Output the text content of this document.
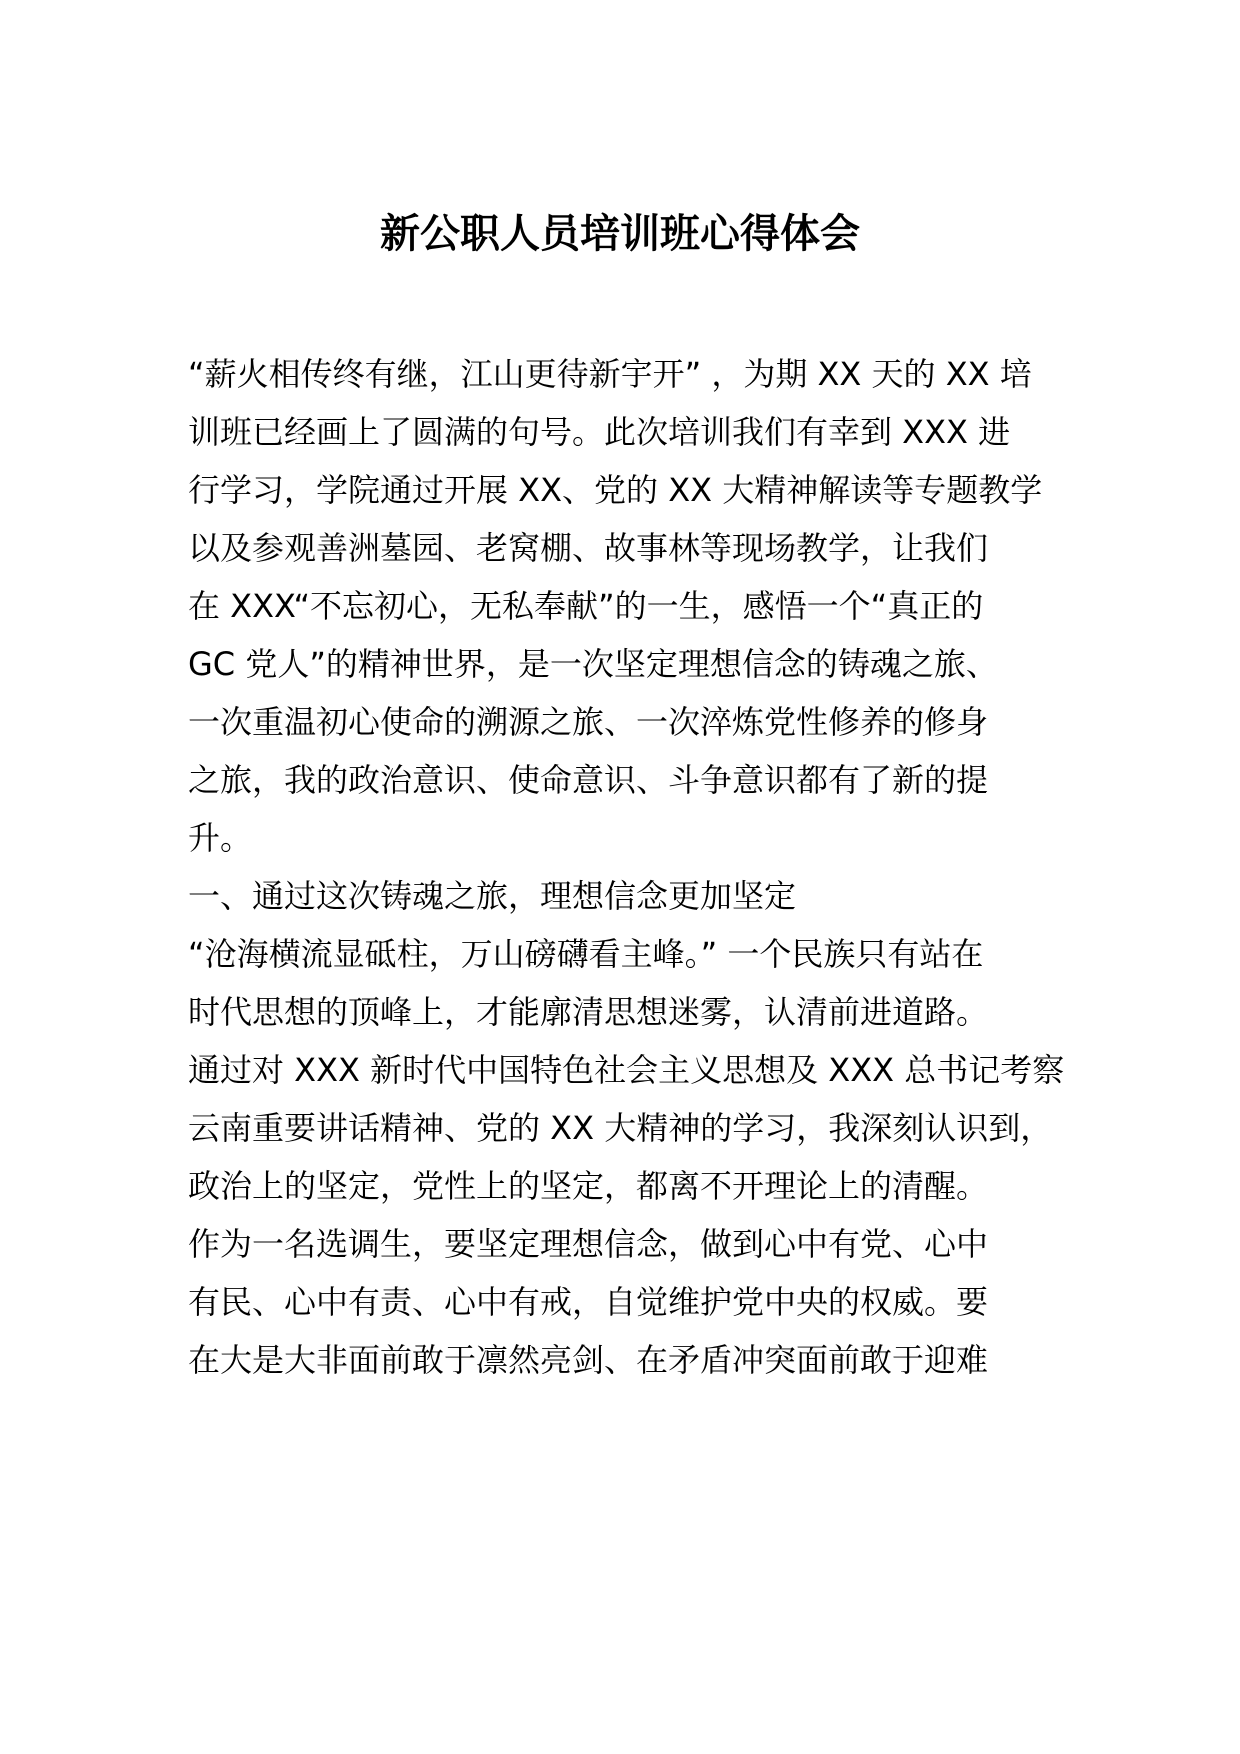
新公职人员培训班心得体会

“薪火相传终有继，江山更待新宇开” ，为期 XX 天的 XX 培

训班已经画上了圆满的句号。此次培训我们有幸到 XXX 进

行学习，学院通过开展 XX、党的 XX 大精神解读等专题教学

以及参观善洲墓园、老窝棚、故事林等现场教学，让我们

在 XXX“不忘初心，无私奉献”的一生，感悟一个“真正的

GC 党人”的精神世界，是一次坚定理想信念的铸魂之旅、

一次重温初心使命的溯源之旅、一次淬炼党性修养的修身

之旅，我的政治意识、使命意识、斗争意识都有了新的提

升。

一、通过这次铸魂之旅，理想信念更加坚定

“沧海横流显砥柱，万山磅礴看主峰。” 一个民族只有站在

时代思想的顶峰上，才能廓清思想迷雾，认清前进道路。

通过对 XXX 新时代中国特色社会主义思想及 XXX 总书记考察

云南重要讲话精神、党的 XX 大精神的学习，我深刻认识到，

政治上的坚定，党性上的坚定，都离不开理论上的清醒。

作为一名选调生，要坚定理想信念，做到心中有党、心中

有民、心中有责、心中有戒，自觉维护党中央的权威。要

在大是大非面前敢于凛然亮剑、在矛盾冲突面前敢于迎难
